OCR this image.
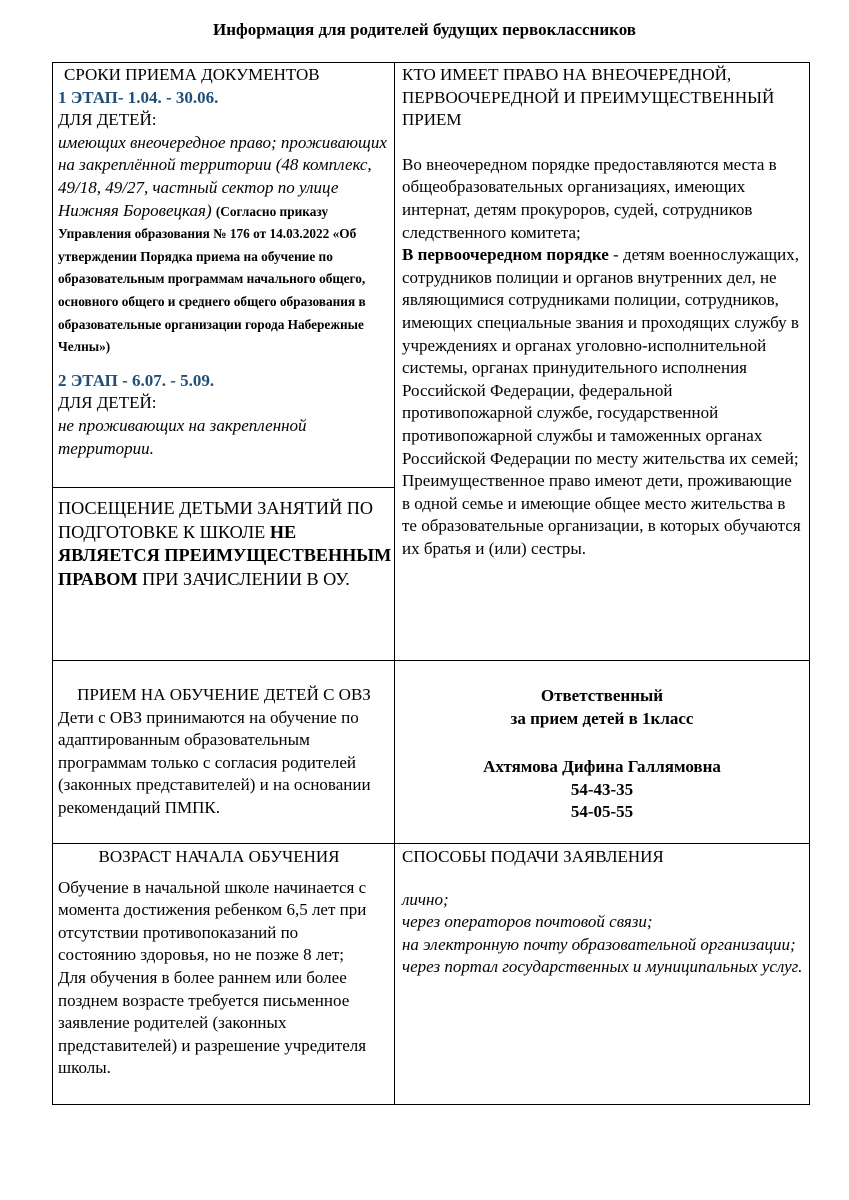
Информация для родителей будущих первоклассников
СРОКИ ПРИЕМА ДОКУМЕНТОВ
1 ЭТАП- 1.04. - 30.06.
ДЛЯ ДЕТЕЙ:
имеющих внеочередное право; проживающих на закреплённой территории (48 комплекс, 49/18, 49/27, частный сектор по улице Нижняя Боровецкая) (Согласно приказу Управления образования № 176 от 14.03.2022 «Об утверждении Порядка приема на обучение по образовательным программам начального общего, основного общего и среднего общего образования в образовательные организации города Набережные Челны»)
2 ЭТАП - 6.07. - 5.09.
ДЛЯ ДЕТЕЙ:
не проживающих на закрепленной территории.
ПОСЕЩЕНИЕ ДЕТЬМИ ЗАНЯТИЙ ПО ПОДГОТОВКЕ К ШКОЛЕ НЕ ЯВЛЯЕТСЯ ПРЕИМУЩЕСТВЕННЫМ ПРАВОМ ПРИ ЗАЧИСЛЕНИИ В ОУ.
ПРИЕМ НА ОБУЧЕНИЕ ДЕТЕЙ С ОВЗ
Дети с ОВЗ принимаются на обучение по адаптированным образовательным программам только с согласия родителей (законных представителей) и на основании рекомендаций ПМПК.
ВОЗРАСТ НАЧАЛА ОБУЧЕНИЯ
Обучение в начальной школе начинается с момента достижения ребенком 6,5 лет при отсутствии противопоказаний по состоянию здоровья, но не позже 8 лет;
Для обучения в более раннем или более позднем возрасте требуется письменное заявление родителей (законных представителей) и разрешение учредителя школы.
КТО ИМЕЕТ ПРАВО НА ВНЕОЧЕРЕДНОЙ, ПЕРВООЧЕРЕДНОЙ И ПРЕИМУЩЕСТВЕННЫЙ ПРИЕМ
Во внеочередном порядке предоставляются места в общеобразовательных организациях, имеющих интернат, детям прокуроров, судей, сотрудников следственного комитета;
В первоочередном порядке - детям военнослужащих, сотрудников полиции и органов внутренних дел, не являющимися сотрудниками полиции, сотрудников, имеющих специальные звания и проходящих службу в учреждениях и органах уголовно-исполнительной системы, органах принудительного исполнения Российской Федерации, федеральной противопожарной службе, государственной противопожарной службы и таможенных органах Российской Федерации по месту жительства их семей;
Преимущественное право имеют дети, проживающие в одной семье и имеющие общее место жительства в те образовательные организации, в которых обучаются их братья и (или) сестры.
Ответственный
за прием детей в 1класс
Ахтямова Дифина Галлямовна
54-43-35
54-05-55
СПОСОБЫ ПОДАЧИ ЗАЯВЛЕНИЯ
лично;
через операторов почтовой связи;
на электронную почту образовательной организации;
через портал государственных и муниципальных услуг.
